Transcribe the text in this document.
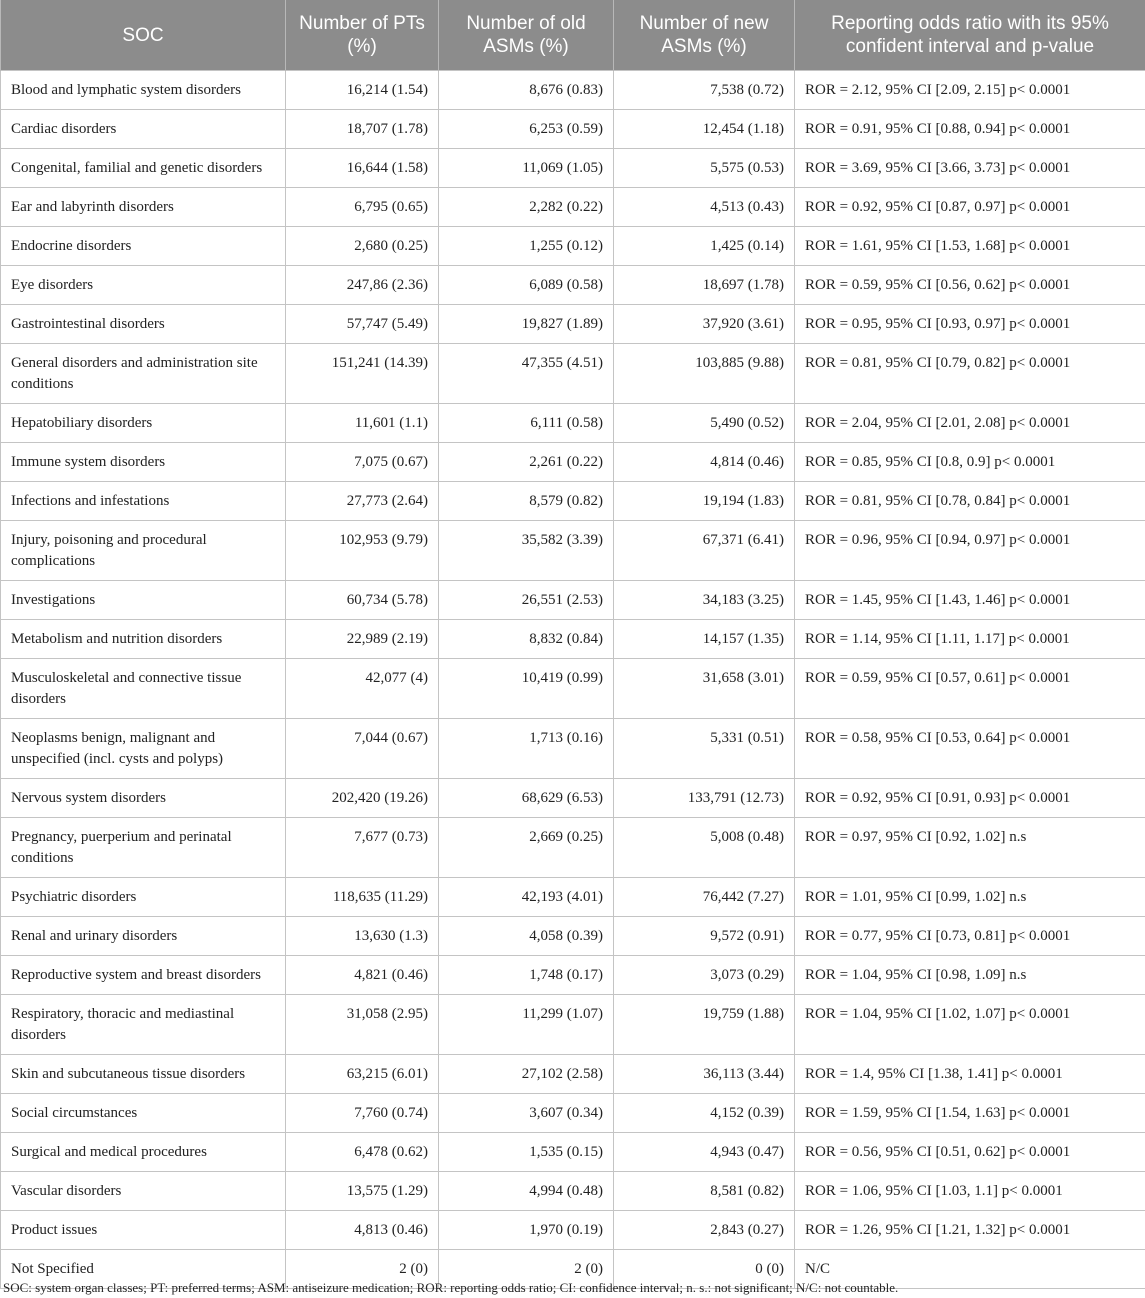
SOC	Number of PTs (%)	Number of old ASMs (%)	Number of new ASMs (%)	Reporting odds ratio with its 95% confident interval and p-value
Blood and lymphatic system disorders	16,214 (1.54)	8,676 (0.83)	7,538 (0.72)	ROR = 2.12, 95% CI [2.09, 2.15] p< 0.0001
Cardiac disorders	18,707 (1.78)	6,253 (0.59)	12,454 (1.18)	ROR = 0.91, 95% CI [0.88, 0.94] p< 0.0001
Congenital, familial and genetic disorders	16,644 (1.58)	11,069 (1.05)	5,575 (0.53)	ROR = 3.69, 95% CI [3.66, 3.73] p< 0.0001
Ear and labyrinth disorders	6,795 (0.65)	2,282 (0.22)	4,513 (0.43)	ROR = 0.92, 95% CI [0.87, 0.97] p< 0.0001
Endocrine disorders	2,680 (0.25)	1,255 (0.12)	1,425 (0.14)	ROR = 1.61, 95% CI [1.53, 1.68] p< 0.0001
Eye disorders	247,86 (2.36)	6,089 (0.58)	18,697 (1.78)	ROR = 0.59, 95% CI [0.56, 0.62] p< 0.0001
Gastrointestinal disorders	57,747 (5.49)	19,827 (1.89)	37,920 (3.61)	ROR = 0.95, 95% CI [0.93, 0.97] p< 0.0001
General disorders and administration site conditions	151,241 (14.39)	47,355 (4.51)	103,885 (9.88)	ROR = 0.81, 95% CI [0.79, 0.82] p< 0.0001
Hepatobiliary disorders	11,601 (1.1)	6,111 (0.58)	5,490 (0.52)	ROR = 2.04, 95% CI [2.01, 2.08] p< 0.0001
Immune system disorders	7,075 (0.67)	2,261 (0.22)	4,814 (0.46)	ROR = 0.85, 95% CI [0.8, 0.9] p< 0.0001
Infections and infestations	27,773 (2.64)	8,579 (0.82)	19,194 (1.83)	ROR = 0.81, 95% CI [0.78, 0.84] p< 0.0001
Injury, poisoning and procedural complications	102,953 (9.79)	35,582 (3.39)	67,371 (6.41)	ROR = 0.96, 95% CI [0.94, 0.97] p< 0.0001
Investigations	60,734 (5.78)	26,551 (2.53)	34,183 (3.25)	ROR = 1.45, 95% CI [1.43, 1.46] p< 0.0001
Metabolism and nutrition disorders	22,989 (2.19)	8,832 (0.84)	14,157 (1.35)	ROR = 1.14, 95% CI [1.11, 1.17] p< 0.0001
Musculoskeletal and connective tissue disorders	42,077 (4)	10,419 (0.99)	31,658 (3.01)	ROR = 0.59, 95% CI [0.57, 0.61] p< 0.0001
Neoplasms benign, malignant and unspecified (incl. cysts and polyps)	7,044 (0.67)	1,713 (0.16)	5,331 (0.51)	ROR = 0.58, 95% CI [0.53, 0.64] p< 0.0001
Nervous system disorders	202,420 (19.26)	68,629 (6.53)	133,791 (12.73)	ROR = 0.92, 95% CI [0.91, 0.93] p< 0.0001
Pregnancy, puerperium and perinatal conditions	7,677 (0.73)	2,669 (0.25)	5,008 (0.48)	ROR = 0.97, 95% CI [0.92, 1.02] n.s
Psychiatric disorders	118,635 (11.29)	42,193 (4.01)	76,442 (7.27)	ROR = 1.01, 95% CI [0.99, 1.02] n.s
Renal and urinary disorders	13,630 (1.3)	4,058 (0.39)	9,572 (0.91)	ROR = 0.77, 95% CI [0.73, 0.81] p< 0.0001
Reproductive system and breast disorders	4,821 (0.46)	1,748 (0.17)	3,073 (0.29)	ROR = 1.04, 95% CI [0.98, 1.09] n.s
Respiratory, thoracic and mediastinal disorders	31,058 (2.95)	11,299 (1.07)	19,759 (1.88)	ROR = 1.04, 95% CI [1.02, 1.07] p< 0.0001
Skin and subcutaneous tissue disorders	63,215 (6.01)	27,102 (2.58)	36,113 (3.44)	ROR = 1.4, 95% CI [1.38, 1.41] p< 0.0001
Social circumstances	7,760 (0.74)	3,607 (0.34)	4,152 (0.39)	ROR = 1.59, 95% CI [1.54, 1.63] p< 0.0001
Surgical and medical procedures	6,478 (0.62)	1,535 (0.15)	4,943 (0.47)	ROR = 0.56, 95% CI [0.51, 0.62] p< 0.0001
Vascular disorders	13,575 (1.29)	4,994 (0.48)	8,581 (0.82)	ROR = 1.06, 95% CI [1.03, 1.1] p< 0.0001
Product issues	4,813 (0.46)	1,970 (0.19)	2,843 (0.27)	ROR = 1.26, 95% CI [1.21, 1.32] p< 0.0001
Not Specified	2 (0)	2 (0)	0 (0)	N/C
SOC: system organ classes; PT: preferred terms; ASM: antiseizure medication; ROR: reporting odds ratio; CI: confidence interval; n. s.: not significant; N/C: not countable.
